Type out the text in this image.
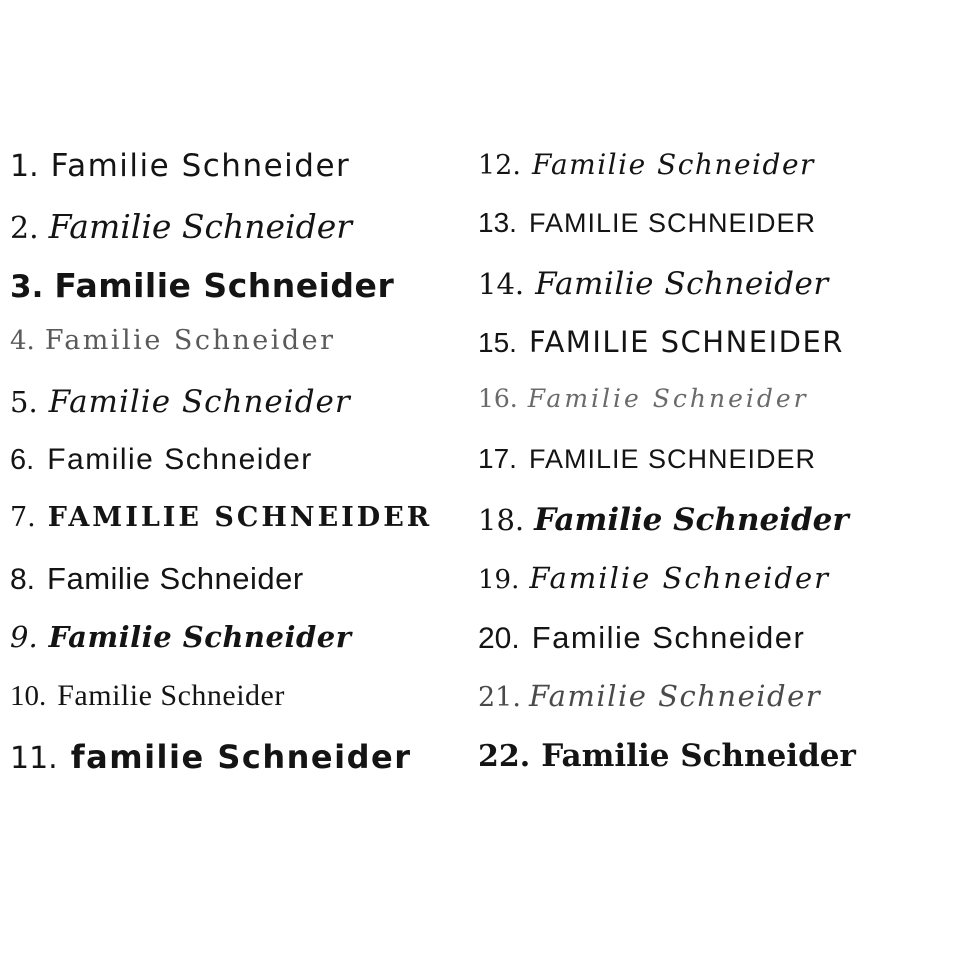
1. Familie Schneider
2. Familie Schneider
3. Familie Schneider
4. Familie Schneider
5. Familie Schneider
6. Familie Schneider
7. FAMILIE SCHNEIDER
8. Familie Schneider
9. Familie Schneider
10. Familie Schneider
11. familie Schneider
12. Familie Schneider
13. FAMILIE SCHNEIDER
14. Familie Schneider
15. FAMILIE SCHNEIDER
16. Familie Schneider
17. FAMILIE SCHNEIDER
18. Familie Schneider
19. Familie Schneider
20. Familie Schneider
21. Familie Schneider
22. Familie Schneider
